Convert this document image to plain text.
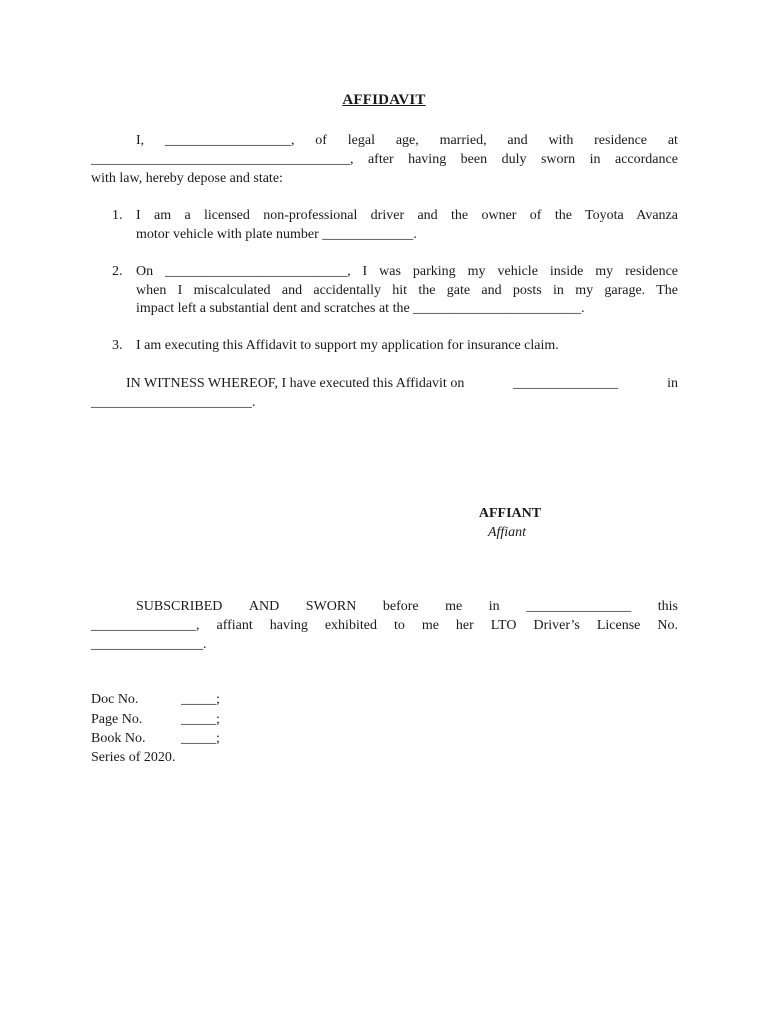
AFFIDAVIT
I, __________________, of legal age, married, and with residence at
_____________________________________, after having been duly sworn in accordance
with law, hereby depose and state:
1. I am a licensed non-professional driver and the owner of the Toyota Avanza
motor vehicle with plate number _____________.
2. On __________________________, I was parking my vehicle inside my residence
when I miscalculated and accidentally hit the gate and posts in my garage. The
impact left a substantial dent and scratches at the ________________________.
3. I am executing this Affidavit to support my application for insurance claim.
IN WITNESS WHEREOF, I have executed this Affidavit on	_______________	in
_______________________.
AFFIANT
Affiant
SUBSCRIBED AND SWORN before me in _______________ this
_______________, affiant having exhibited to me her LTO Driver’s License No.
________________.
Doc No.	_____;
Page No.	_____;
Book No.	_____;
Series of 2020.
